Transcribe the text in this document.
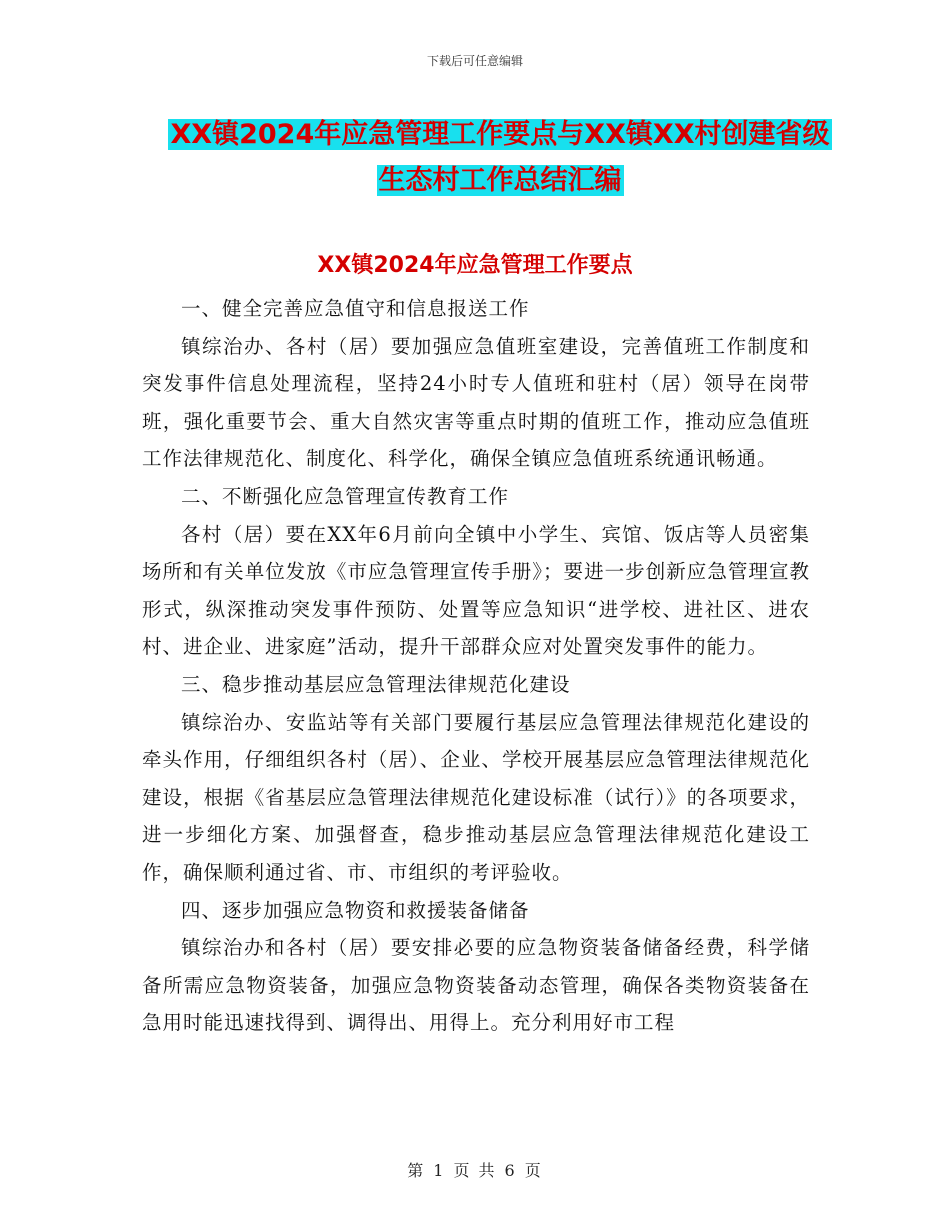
下载后可任意编辑
XX镇2024年应急管理工作要点与XX镇XX村创建省级
生态村工作总结汇编
XX镇2024年应急管理工作要点

一、健全完善应急值守和信息报送工作

镇综治办、各村（居）要加强应急值班室建设，完善值班工作制度和突发事件信息处理流程，坚持24小时专人值班和驻村（居）领导在岗带班，强化重要节会、重大自然灾害等重点时期的值班工作，推动应急值班工作法律规范化、制度化、科学化，确保全镇应急值班系统通讯畅通。

二、不断强化应急管理宣传教育工作

各村（居）要在XX年6月前向全镇中小学生、宾馆、饭店等人员密集场所和有关单位发放《市应急管理宣传手册》；要进一步创新应急管理宣教形式，纵深推动突发事件预防、处置等应急知识“进学校、进社区、进农村、进企业、进家庭”活动，提升干部群众应对处置突发事件的能力。

三、稳步推动基层应急管理法律规范化建设

镇综治办、安监站等有关部门要履行基层应急管理法律规范化建设的牵头作用，仔细组织各村（居）、企业、学校开展基层应急管理法律规范化建设，根据《省基层应急管理法律规范化建设标准（试行）》的各项要求，进一步细化方案、加强督查，稳步推动基层应急管理法律规范化建设工作，确保顺利通过省、市、市组织的考评验收。

四、逐步加强应急物资和救援装备储备

镇综治办和各村（居）要安排必要的应急物资装备储备经费，科学储备所需应急物资装备，加强应急物资装备动态管理，确保各类物资装备在急用时能迅速找得到、调得出、用得上。充分利用好市工程

第 1 页 共 6 页
